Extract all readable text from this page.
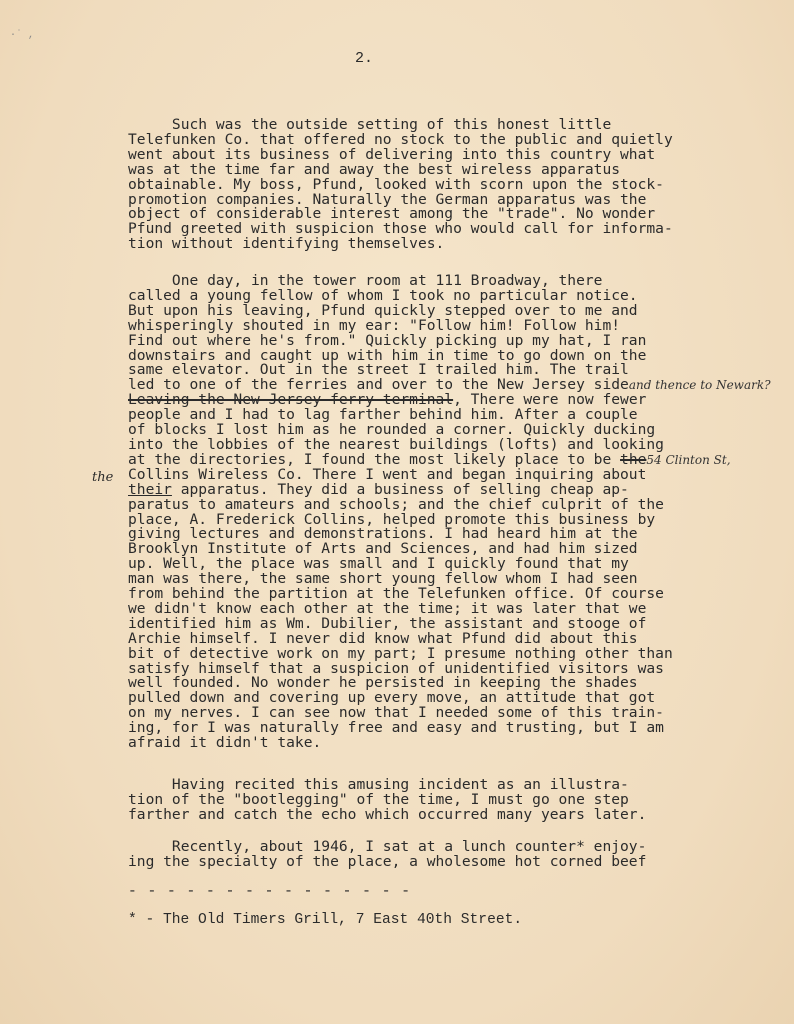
·˙ ,
2.
Such was the outside setting of this honest little
Telefunken Co. that offered no stock to the public and quietly
went about its business of delivering into this country what
was at the time far and away the best wireless apparatus
obtainable. My boss, Pfund, looked with scorn upon the stock-
promotion companies. Naturally the German apparatus was the
object of considerable interest among the "trade". No wonder
Pfund greeted with suspicion those who would call for informa-
tion without identifying themselves.
One day, in the tower room at 111 Broadway, there
called a young fellow of whom I took no particular notice.
But upon his leaving, Pfund quickly stepped over to me and
whisperingly shouted in my ear: "Follow him! Follow him!
Find out where he's from." Quickly picking up my hat, I ran
downstairs and caught up with him in time to go down on the
same elevator. Out in the street I trailed him. The trail
led to one of the ferries and over to the New Jersey sideand thence to Newark?
Leaving the New Jersey ferry terminal, There were now fewer
people and I had to lag farther behind him. After a couple
of blocks I lost him as he rounded a corner. Quickly ducking
into the lobbies of the nearest buildings (lofts) and looking
at the directories, I found the most likely place to be the54 Clinton St,
Collins Wireless Co. There I went and began inquiring about
their apparatus. They did a business of selling cheap ap-
paratus to amateurs and schools; and the chief culprit of the
place, A. Frederick Collins, helped promote this business by
giving lectures and demonstrations. I had heard him at the
Brooklyn Institute of Arts and Sciences, and had him sized
up. Well, the place was small and I quickly found that my
man was there, the same short young fellow whom I had seen
from behind the partition at the Telefunken office. Of course
we didn't know each other at the time; it was later that we
identified him as Wm. Dubilier, the assistant and stooge of
Archie himself. I never did know what Pfund did about this
bit of detective work on my part; I presume nothing other than
satisfy himself that a suspicion of unidentified visitors was
well founded. No wonder he persisted in keeping the shades
pulled down and covering up every move, an attitude that got
on my nerves. I can see now that I needed some of this train-
ing, for I was naturally free and easy and trusting, but I am
afraid it didn't take.
the
Having recited this amusing incident as an illustra-
tion of the "bootlegging" of the time, I must go one step
farther and catch the echo which occurred many years later.
Recently, about 1946, I sat at a lunch counter* enjoy-
ing the specialty of the place, a wholesome hot corned beef
- - - - - - - - - - - - - - -
* - The Old Timers Grill, 7 East 40th Street.
